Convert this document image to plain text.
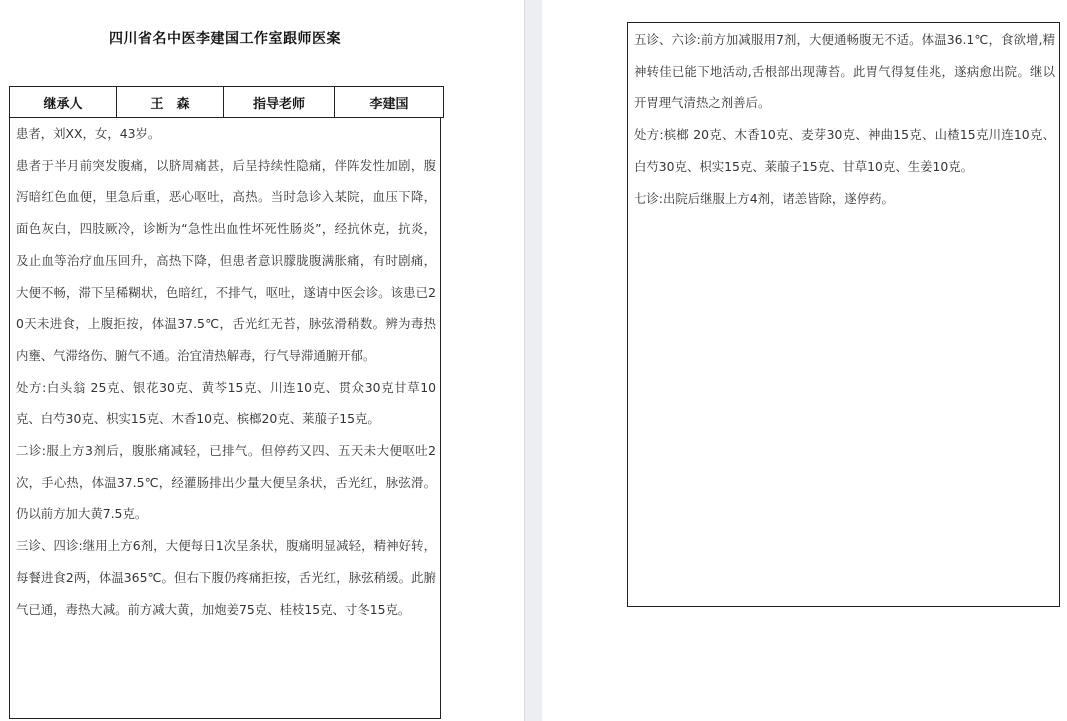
四川省名中医李建国工作室跟师医案
继承人	王　森	指导老师	李建国

患者，刘XX，女，43岁。

患者于半月前突发腹痛，以脐周痛甚，后呈持续性隐痛，伴阵发性加剧，腹泻暗红色血便，里急后重，恶心呕吐，高热。当时急诊入某院，血压下降，面色灰白，四肢厥冷，诊断为“急性出血性坏死性肠炎”，经抗休克，抗炎，及止血等治疗血压回升，高热下降，但患者意识朦胧腹满胀痛，有时剧痛，大便不畅，滞下呈稀糊状，色暗红，不排气，呕吐，遂请中医会诊。该患已20天未进食，上腹拒按，体温37.5℃，舌光红无苔，脉弦滑稍数。辨为毒热内壅、气滞络伤、腑气不通。治宜清热解毒，行气导滞通腑开郁。

处方:白头翁 25克、银花30克、黄芩15克、川连10克、贯众30克甘草10克、白芍30克、枳实15克、木香10克、槟榔20克、莱菔子15克。

二诊:服上方3剂后，腹胀痛减轻，已排气。但停药又四、五天未大便呕吐2次，手心热，体温37.5℃，经灌肠排出少量大便呈条状，舌光红，脉弦滑。仍以前方加大黄7.5克。

三诊、四诊:继用上方6剂，大便每日1次呈条状，腹痛明显减轻，精神好转，每餐进食2两，体温365℃。但右下腹仍疼痛拒按，舌光红，脉弦稍缓。此腑气已通，毒热大减。前方减大黄，加炮姜75克、桂枝15克、寸冬15克。

五诊、六诊:前方加减服用7剂，大便通畅腹无不适。体温36.1℃，食欲增,精神转佳已能下地活动,舌根部出现薄苔。此胃气得复佳兆，遂病愈出院。继以开胃理气清热之剂善后。

处方:槟榔 20克、木香10克、麦芽30克、神曲15克、山楂15克川连10克、白芍30克、枳实15克、莱菔子15克、甘草10克、生姜10克。

七诊:出院后继服上方4剂，诸恙皆除，遂停药。
